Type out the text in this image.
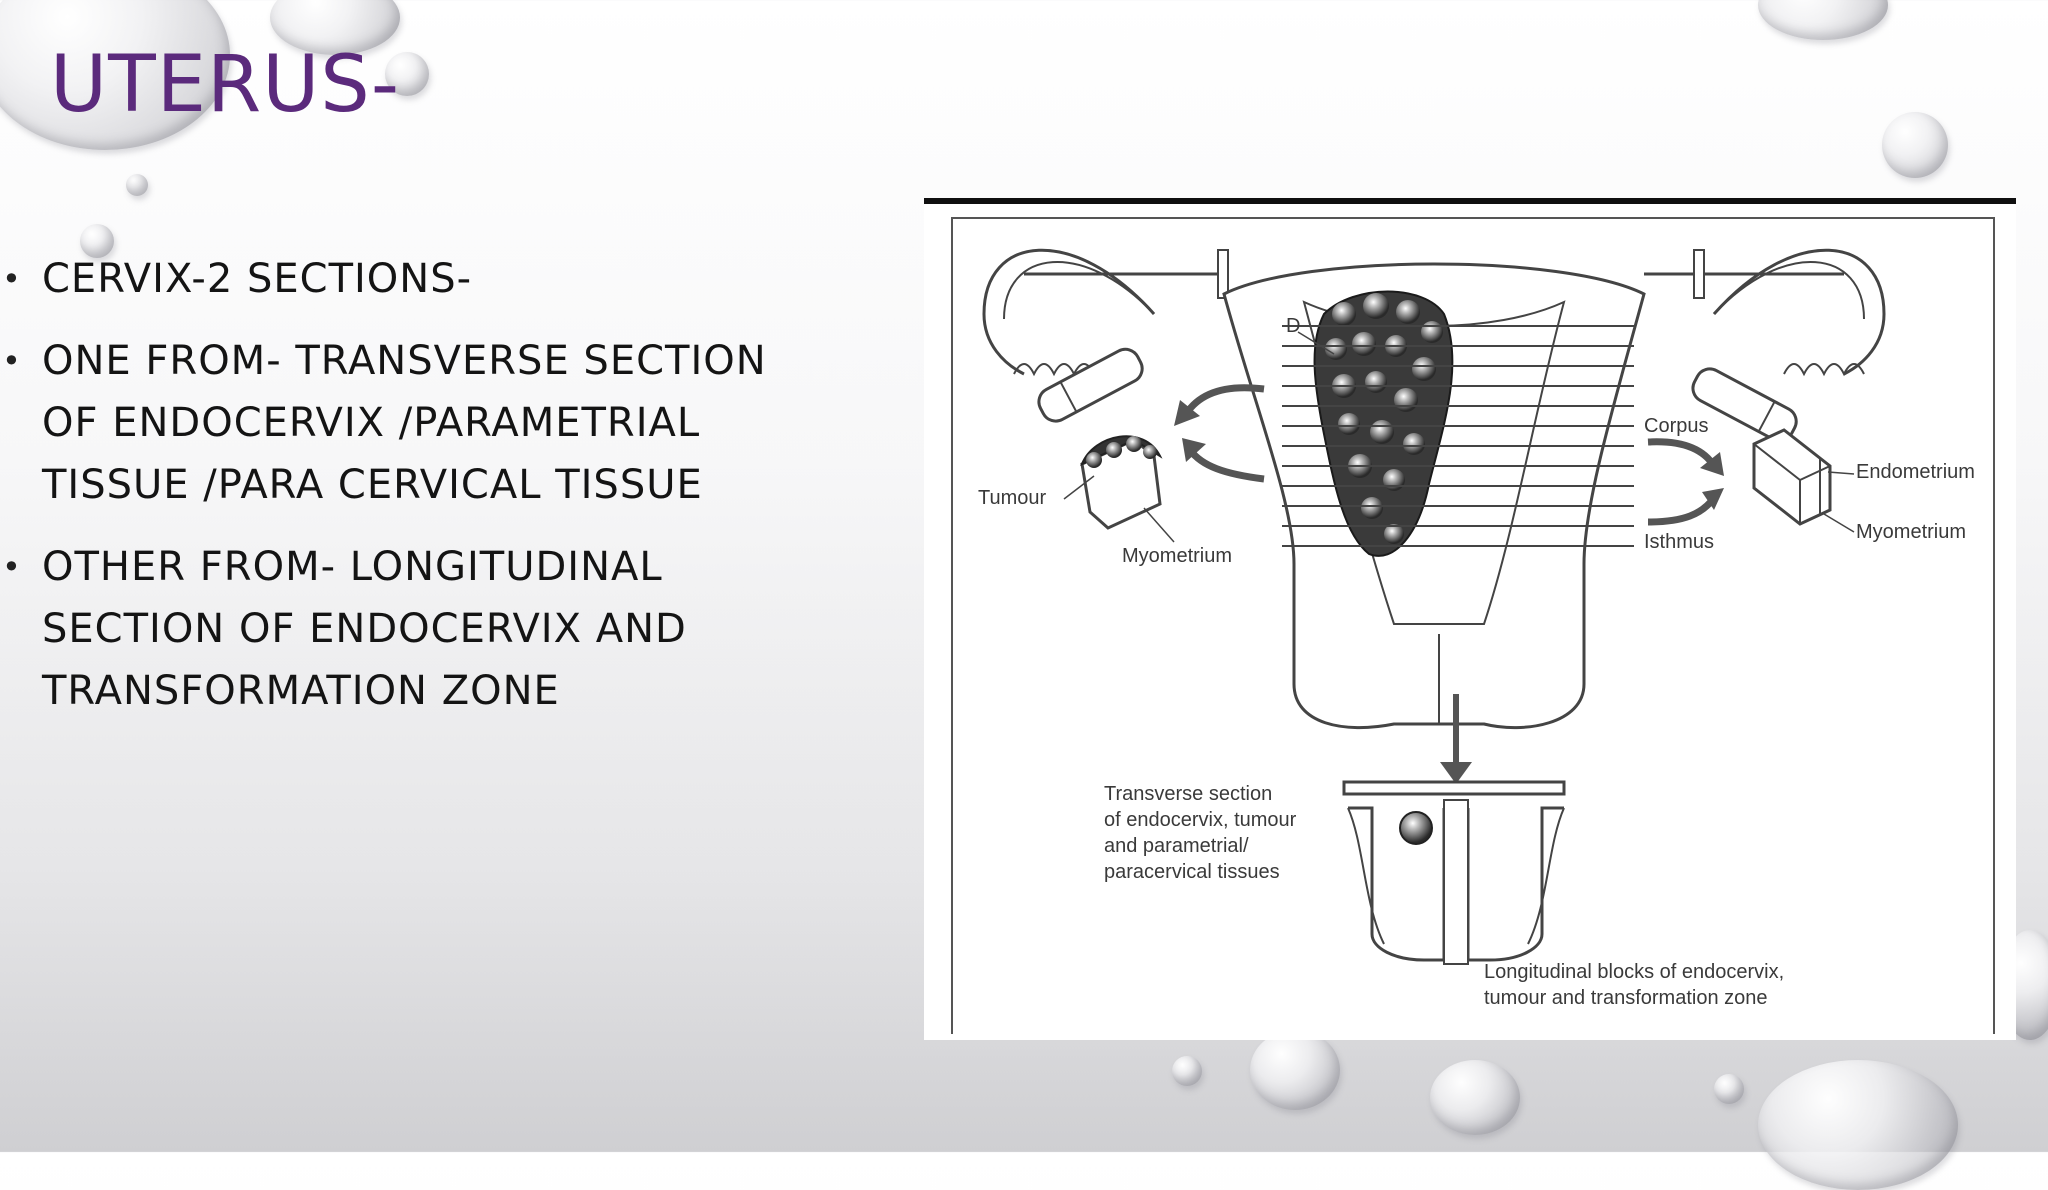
UTERUS-
• CERVIX-2 SECTIONS-
• ONE FROM- TRANSVERSE SECTION OF ENDOCERVIX /PARAMETRIAL TISSUE /PARA CERVICAL TISSUE
• OTHER FROM- LONGITUDINAL SECTION OF ENDOCERVIX AND TRANSFORMATION ZONE
D
Tumour
Myometrium
Corpus
Isthmus
Endometrium
Myometrium
Transverse section
of endocervix, tumour
and parametrial/
paracervical tissues
Longitudinal blocks of endocervix,
tumour and transformation zone
